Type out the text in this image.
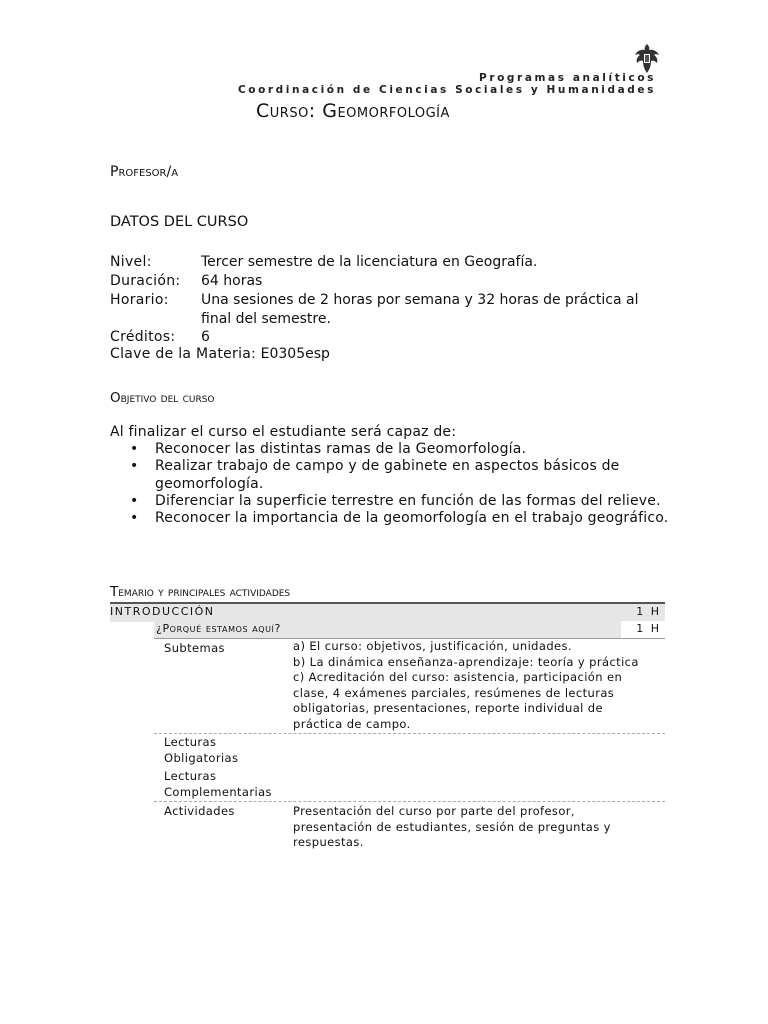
Programas analíticos
Coordinación de Ciencias Sociales y Humanidades
Curso: Geomorfología
Profesor/a
DATOS DEL CURSO
Nivel:	Tercer semestre de la licenciatura en Geografía.
Duración: 64 horas
Horario: Una sesiones de 2 horas por semana y 32 horas de práctica al
final del semestre.
Créditos: 6
Clave de la Materia: E0305esp
Objetivo del curso
Al finalizar el curso el estudiante será capaz de:
• Reconocer las distintas ramas de la Geomorfología.
• Realizar trabajo de campo y de gabinete en aspectos básicos de geomorfología.
• Diferenciar la superficie terrestre en función de las formas del relieve.
• Reconocer la importancia de la geomorfología en el trabajo geográfico.
Temario y principales actividades
INTRODUCCIÓN	1 H
¿Porqué estamos aquí?	1 H
Subtemas	a) El curso: objetivos, justificación, unidades.
b) La dinámica enseñanza-aprendizaje: teoría y práctica
c) Acreditación del curso: asistencia, participación en
clase, 4 exámenes parciales, resúmenes de lecturas
obligatorias, presentaciones, reporte individual de
práctica de campo.
Lecturas
Obligatorias
Lecturas
Complementarias
Actividades	Presentación del curso por parte del profesor,
presentación de estudiantes, sesión de preguntas y
respuestas.
